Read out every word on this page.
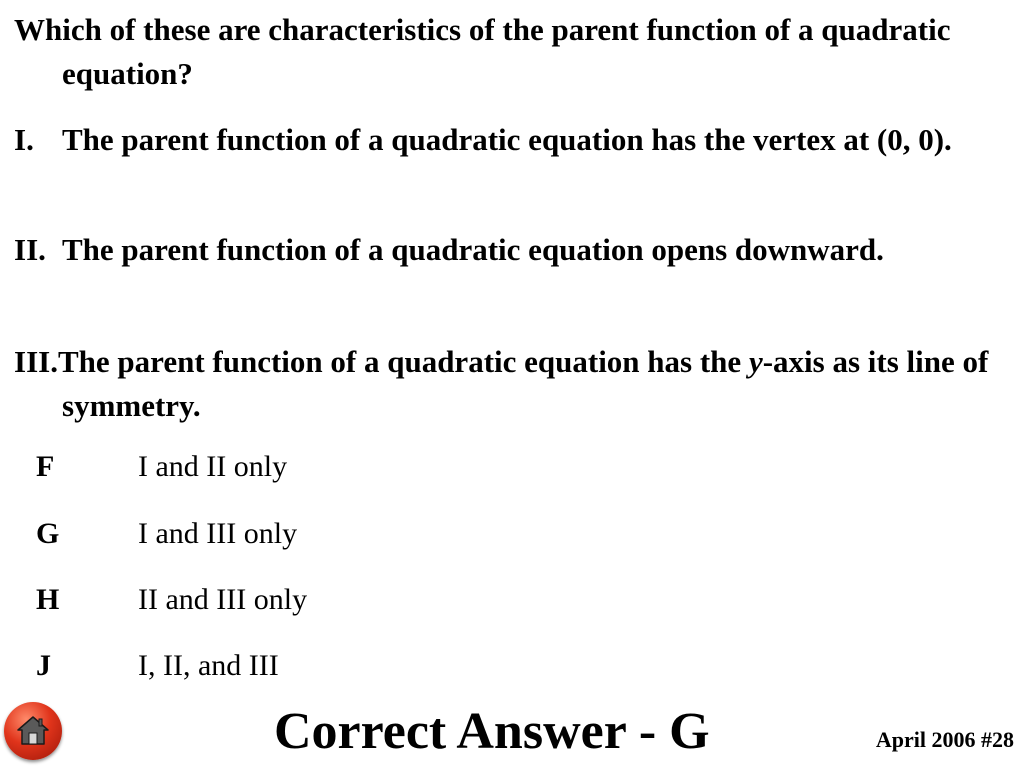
Which of these are characteristics of the parent function of a quadratic equation?
I. The parent function of a quadratic equation has the vertex at (0, 0).
II. The parent function of a quadratic equation opens downward.
III.The parent function of a quadratic equation has the y-axis as its line of symmetry.
F	I and II only
G	I and III only
H	II and III only
J	I, II, and III
Correct Answer - G	April 2006 #28
